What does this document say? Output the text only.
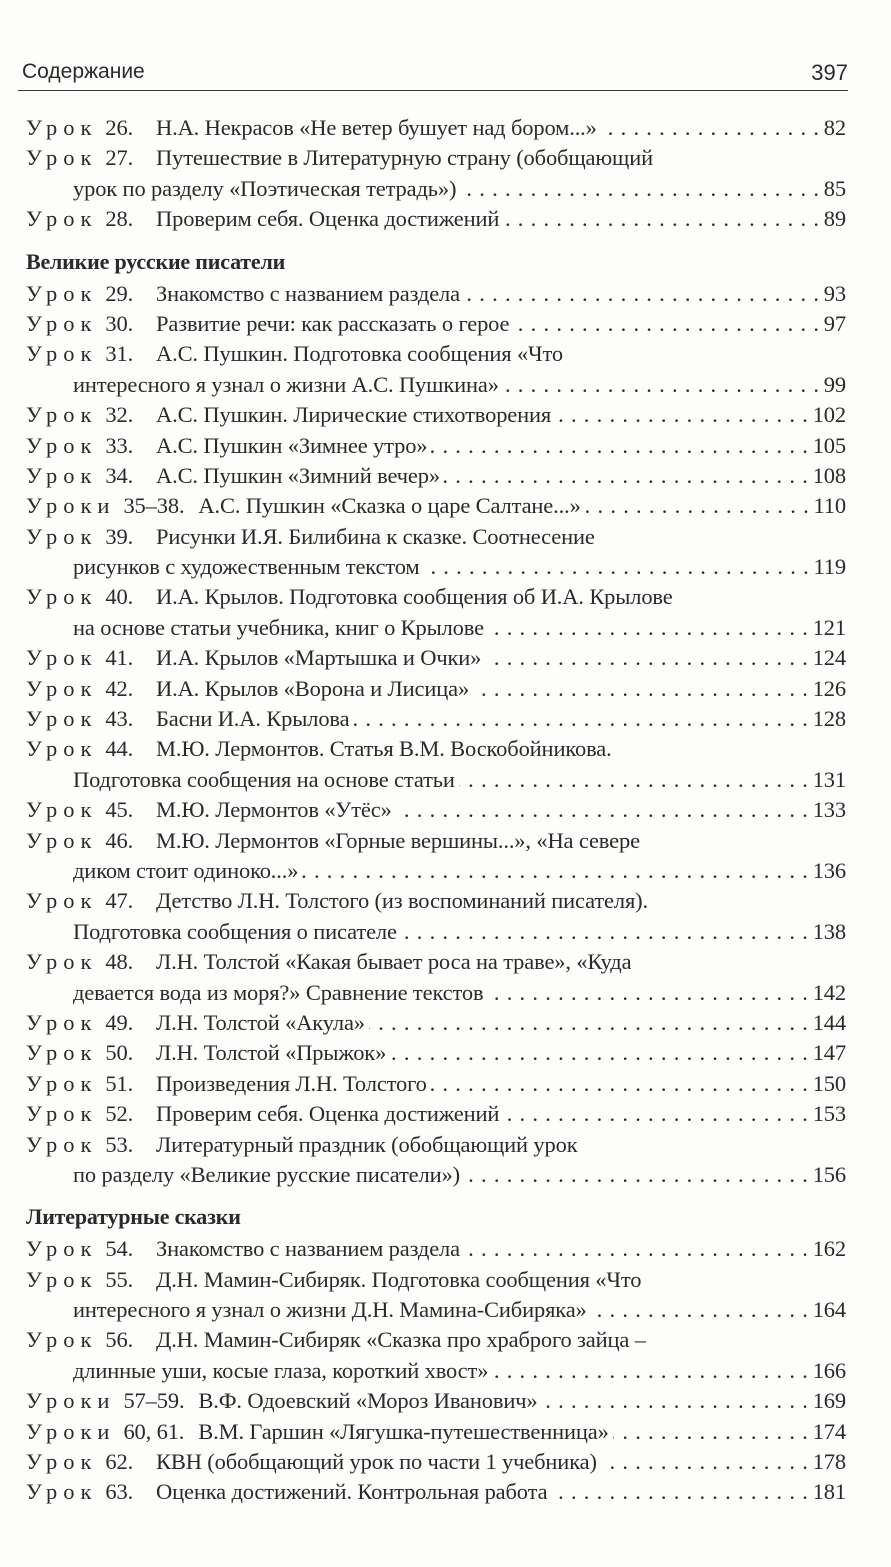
Содержание	397
Урок 26.	Н.А. Некрасов «Не ветер бушует над бором...» . . .	82
Урок 27.	Путешествие в Литературную страну (обобщающий
урок по разделу «Поэтическая тетрадь») . . .	85
Урок 28.	Проверим себя. Оценка достижений . . .	89
Великие русские писатели
Урок 29.	Знакомство с названием раздела . . .	93
Урок 30.	Развитие речи: как рассказать о герое . . .	97
Урок 31.	А.С. Пушкин. Подготовка сообщения «Что
интересного я узнал о жизни А.С. Пушкина» . . .	99
Урок 32.	А.С. Пушкин. Лирические стихотворения . . .	102
Урок 33.	А.С. Пушкин «Зимнее утро» . . .	105
Урок 34.	А.С. Пушкин «Зимний вечер» . . .	108
Уроки 35–38. А.С. Пушкин «Сказка о царе Салтане...» . . .	110
Урок 39.	Рисунки И.Я. Билибина к сказке. Соотнесение
рисунков с художественным текстом . . .	119
Урок 40.	И.А. Крылов. Подготовка сообщения об И.А. Крылове
на основе статьи учебника, книг о Крылове . . .	121
Урок 41.	И.А. Крылов «Мартышка и Очки» . . .	124
Урок 42.	И.А. Крылов «Ворона и Лисица» . . .	126
Урок 43.	Басни И.А. Крылова . . .	128
Урок 44.	М.Ю. Лермонтов. Статья В.М. Воскобойникова.
Подготовка сообщения на основе статьи . . .	131
Урок 45.	М.Ю. Лермонтов «Утёс» . . .	133
Урок 46.	М.Ю. Лермонтов «Горные вершины...», «На севере
диком стоит одиноко...» . . .	136
Урок 47.	Детство Л.Н. Толстого (из воспоминаний писателя).
Подготовка сообщения о писателе . . .	138
Урок 48.	Л.Н. Толстой «Какая бывает роса на траве», «Куда
девается вода из моря?» Сравнение текстов . . .	142
Урок 49.	Л.Н. Толстой «Акула» . . .	144
Урок 50.	Л.Н. Толстой «Прыжок» . . .	147
Урок 51.	Произведения Л.Н. Толстого . . .	150
Урок 52.	Проверим себя. Оценка достижений . . .	153
Урок 53.	Литературный праздник (обобщающий урок
по разделу «Великие русские писатели») . . .	156
Литературные сказки
Урок 54.	Знакомство с названием раздела . . .	162
Урок 55.	Д.Н. Мамин-Сибиряк. Подготовка сообщения «Что
интересного я узнал о жизни Д.Н. Мамина-Сибиряка» . . .	164
Урок 56.	Д.Н. Мамин-Сибиряк «Сказка про храброго зайца –
длинные уши, косые глаза, короткий хвост» . . .	166
Уроки 57–59. В.Ф. Одоевский «Мороз Иванович» . . .	169
Уроки 60, 61. В.М. Гаршин «Лягушка-путешественница» . . .	174
Урок 62.	КВН (обобщающий урок по части 1 учебника) . . .	178
Урок 63.	Оценка достижений. Контрольная работа . . .	181
